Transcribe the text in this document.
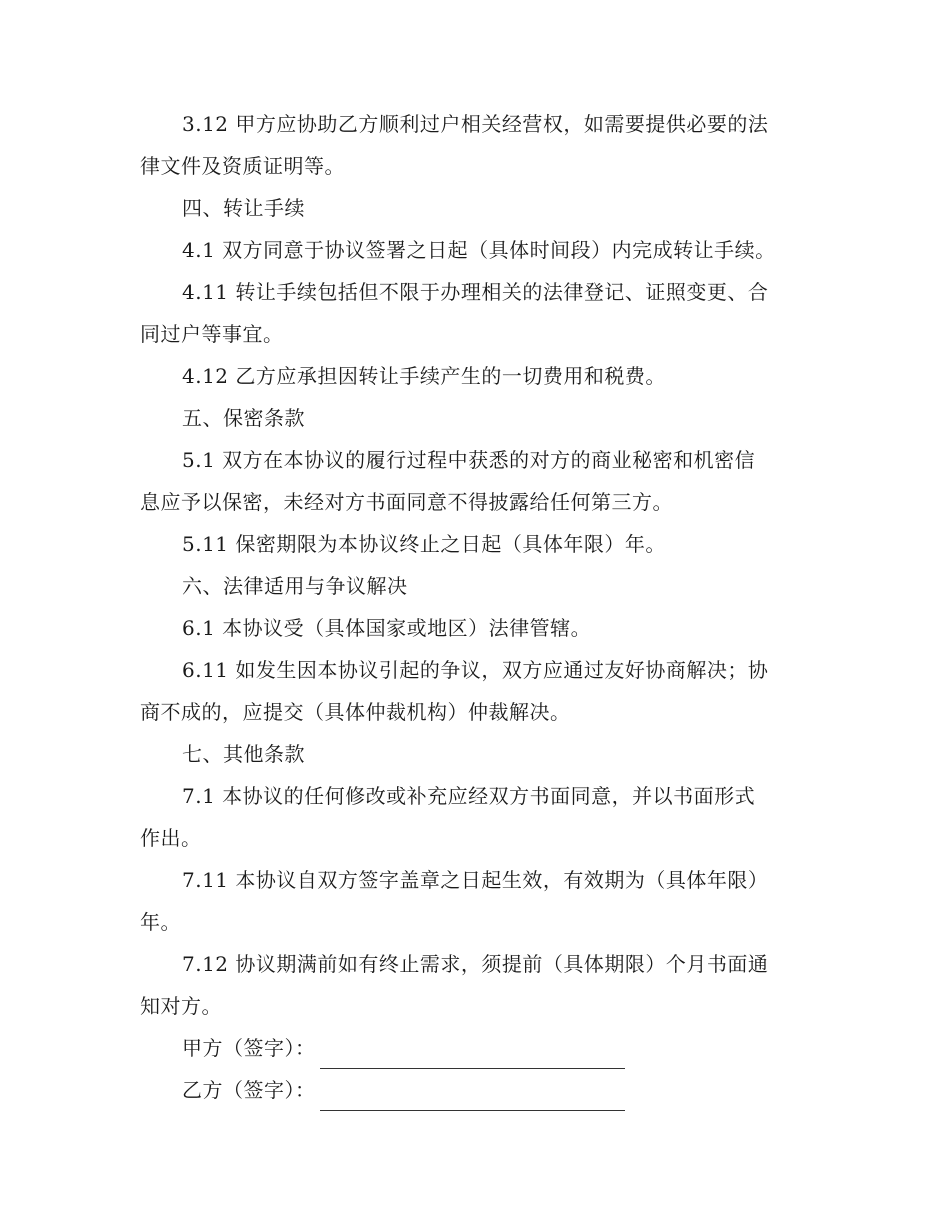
3.12 甲方应协助乙方顺利过户相关经营权，如需要提供必要的法
律文件及资质证明等。
四、转让手续
4.1 双方同意于协议签署之日起（具体时间段）内完成转让手续。
4.11 转让手续包括但不限于办理相关的法律登记、证照变更、合
同过户等事宜。
4.12 乙方应承担因转让手续产生的一切费用和税费。
五、保密条款
5.1 双方在本协议的履行过程中获悉的对方的商业秘密和机密信
息应予以保密，未经对方书面同意不得披露给任何第三方。
5.11 保密期限为本协议终止之日起（具体年限）年。
六、法律适用与争议解决
6.1 本协议受（具体国家或地区）法律管辖。
6.11 如发生因本协议引起的争议，双方应通过友好协商解决；协
商不成的，应提交（具体仲裁机构）仲裁解决。
七、其他条款
7.1 本协议的任何修改或补充应经双方书面同意，并以书面形式
作出。
7.11 本协议自双方签字盖章之日起生效，有效期为（具体年限）
年。
7.12 协议期满前如有终止需求，须提前（具体期限）个月书面通
知对方。
甲方（签字）：
乙方（签字）：
